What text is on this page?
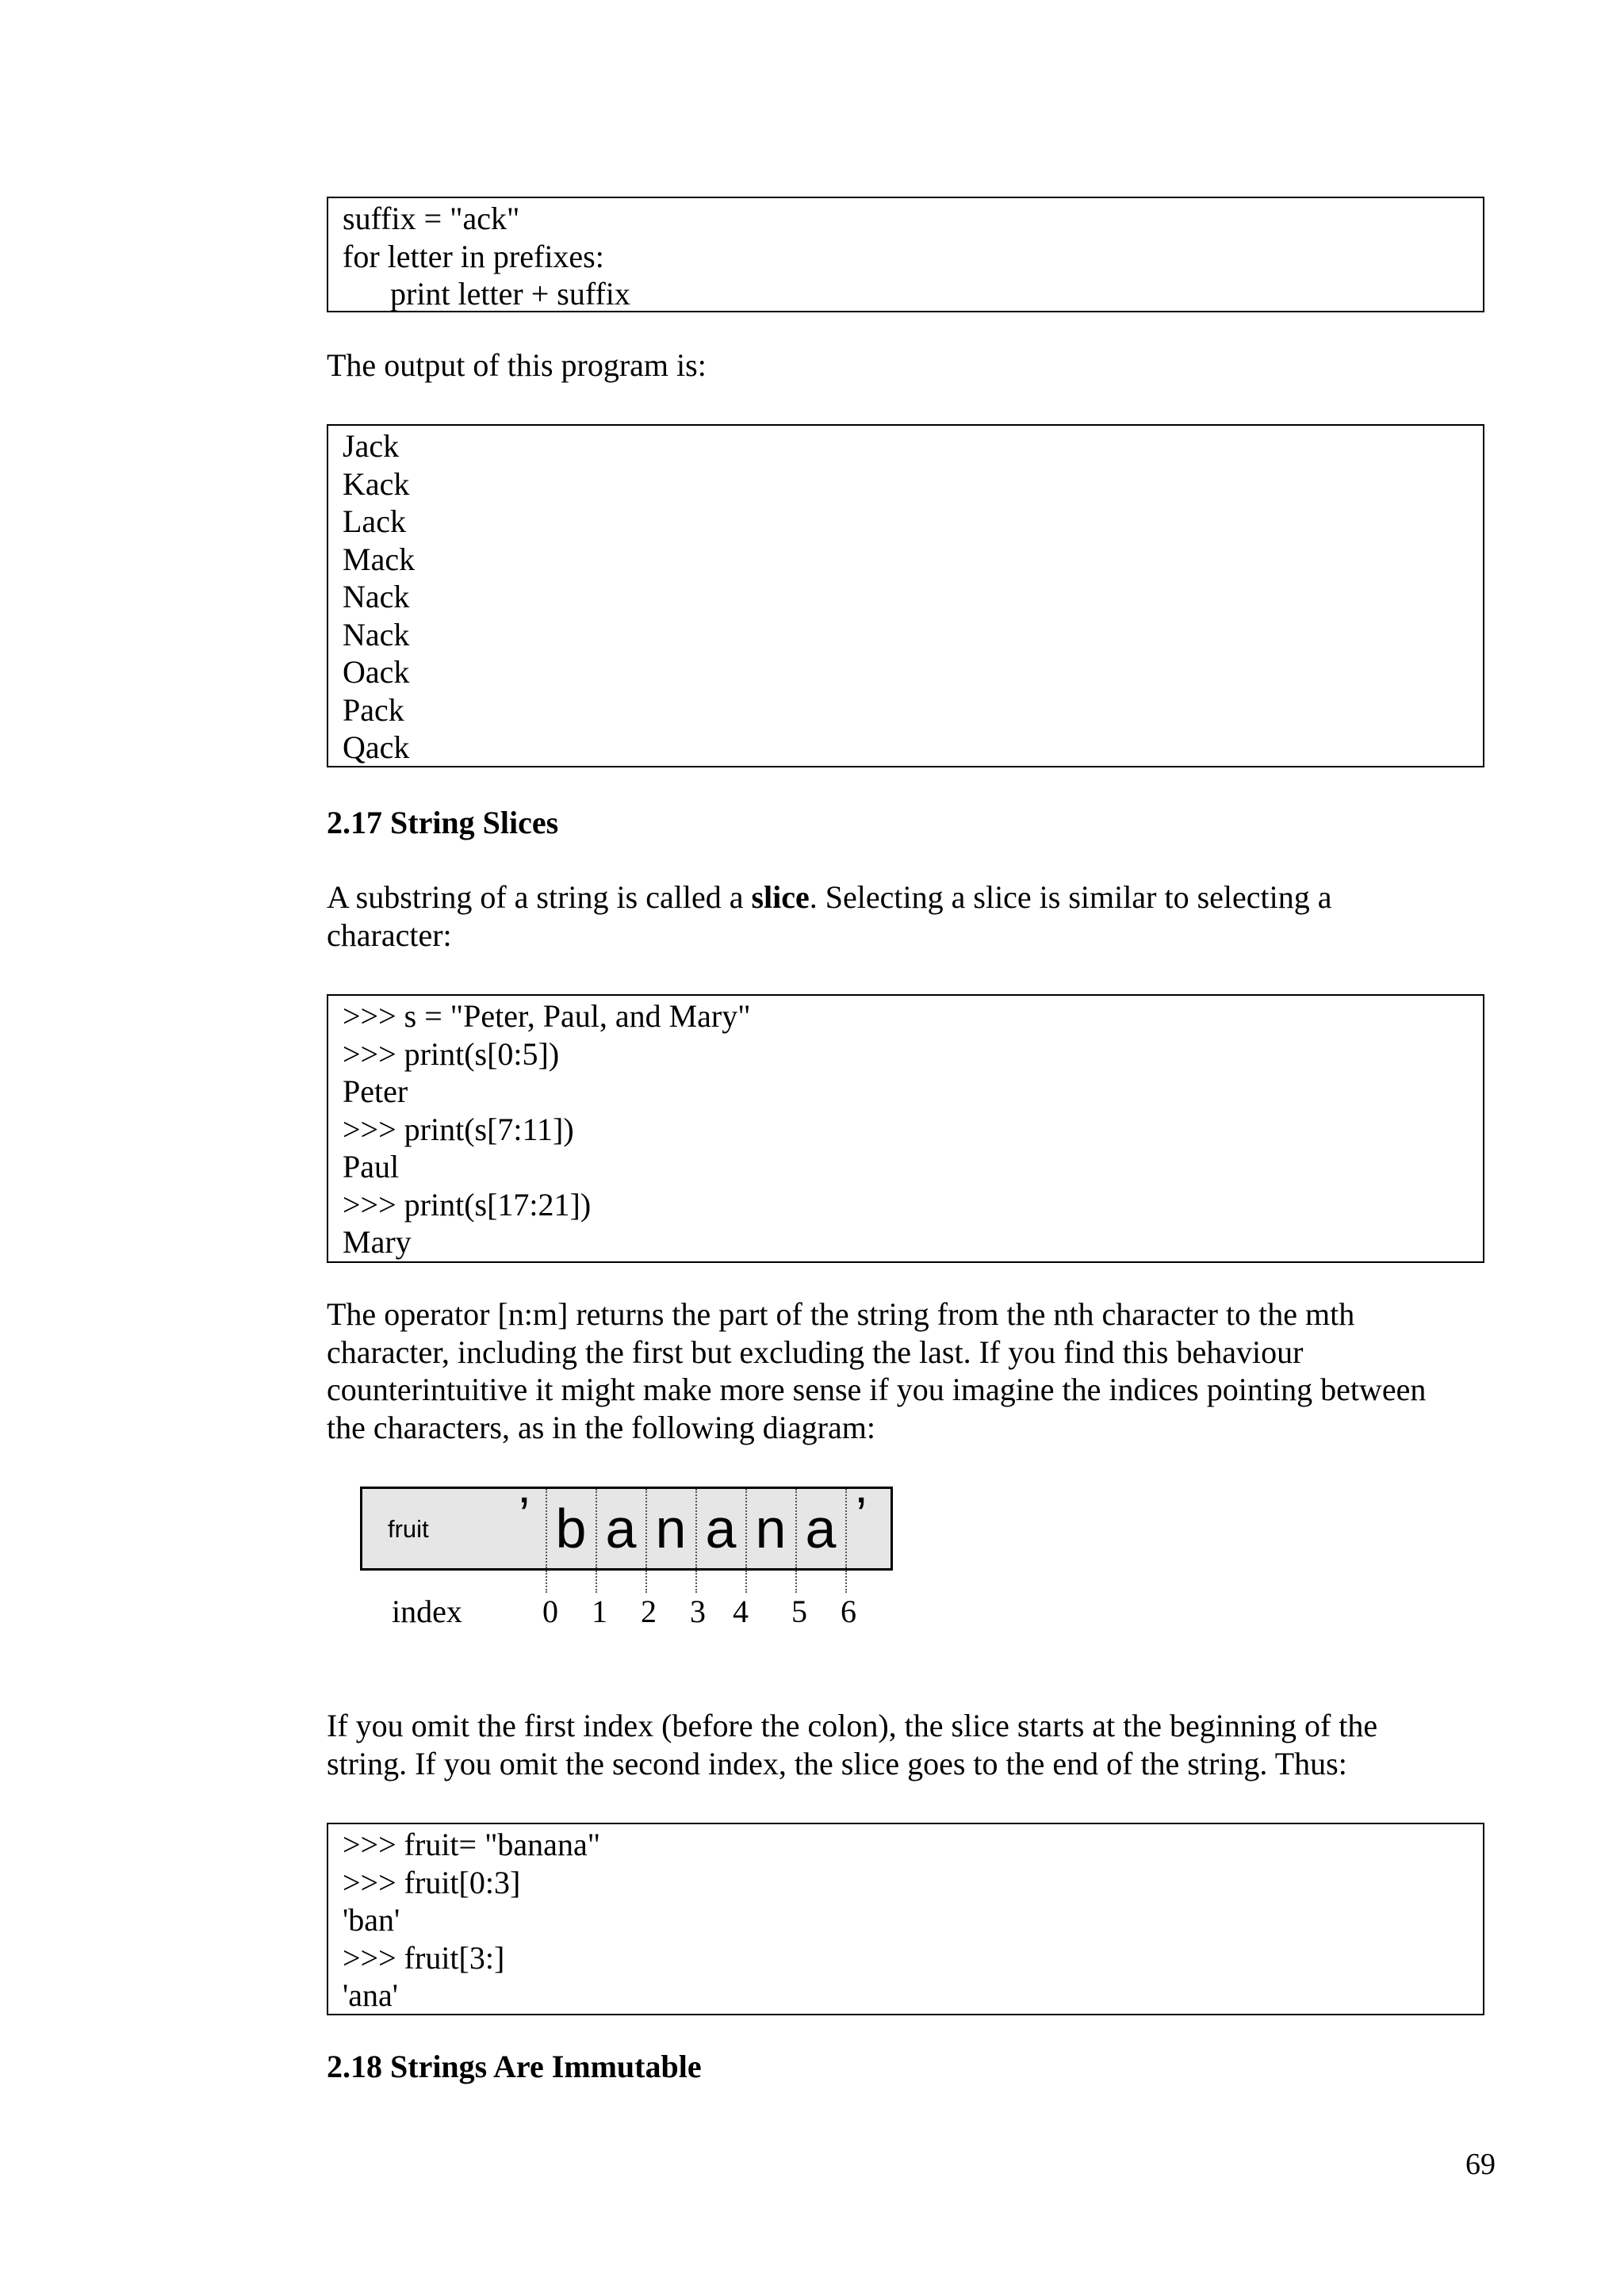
suffix = "ack"
for letter in prefixes:
print letter + suffix
The output of this program is:
Jack
Kack
Lack
Mack
Nack
Nack
Oack
Pack
Qack
2.17 String Slices
A substring of a string is called a slice. Selecting a slice is similar to selecting a
character:
>>> s = "Peter, Paul, and Mary"
>>> print(s[0:5])
Peter
>>> print(s[7:11])
Paul
>>> print(s[17:21])
Mary
The operator [n:m] returns the part of the string from the nth character to the mth
character, including the first but excluding the last. If you find this behaviour
counterintuitive it might make more sense if you imagine the indices pointing between
the characters, as in the following diagram:
fruit ’ b a n a n a ’
index	0 1 2 3 4 5 6
If you omit the first index (before the colon), the slice starts at the beginning of the
string. If you omit the second index, the slice goes to the end of the string. Thus:
>>> fruit= "banana"
>>> fruit[0:3]
'ban'
>>> fruit[3:]
'ana'
2.18 Strings Are Immutable
69
